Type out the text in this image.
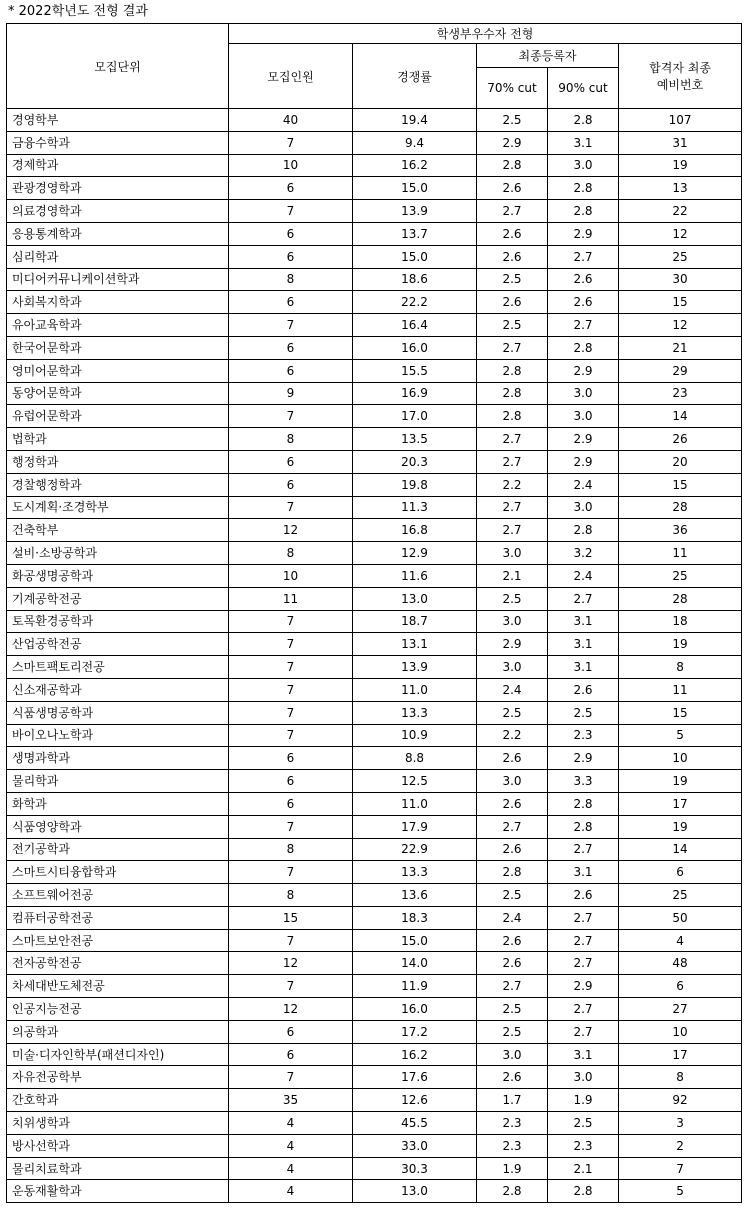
* 2022학년도 전형 결과
모집단위	학생부우수자 전형				
	모집인원	경쟁률	최종등록자		합격자 최종
예비번호

			70% cut	90% cut	
경영학부	40	19.4	2.5	2.8	107
금융수학과	7	9.4	2.9	3.1	31
경제학과	10	16.2	2.8	3.0	19
관광경영학과	6	15.0	2.6	2.8	13
의료경영학과	7	13.9	2.7	2.8	22
응용통계학과	6	13.7	2.6	2.9	12
심리학과	6	15.0	2.6	2.7	25
미디어커뮤니케이션학과	8	18.6	2.5	2.6	30
사회복지학과	6	22.2	2.6	2.6	15
유아교육학과	7	16.4	2.5	2.7	12
한국어문학과	6	16.0	2.7	2.8	21
영미어문학과	6	15.5	2.8	2.9	29
동양어문학과	9	16.9	2.8	3.0	23
유럽어문학과	7	17.0	2.8	3.0	14
법학과	8	13.5	2.7	2.9	26
행정학과	6	20.3	2.7	2.9	20
경찰행정학과	6	19.8	2.2	2.4	15
도시계획·조경학부	7	11.3	2.7	3.0	28
건축학부	12	16.8	2.7	2.8	36
설비·소방공학과	8	12.9	3.0	3.2	11
화공생명공학과	10	11.6	2.1	2.4	25
기계공학전공	11	13.0	2.5	2.7	28
토목환경공학과	7	18.7	3.0	3.1	18
산업공학전공	7	13.1	2.9	3.1	19
스마트팩토리전공	7	13.9	3.0	3.1	8
신소재공학과	7	11.0	2.4	2.6	11
식품생명공학과	7	13.3	2.5	2.5	15
바이오나노학과	7	10.9	2.2	2.3	5
생명과학과	6	8.8	2.6	2.9	10
물리학과	6	12.5	3.0	3.3	19
화학과	6	11.0	2.6	2.8	17
식품영양학과	7	17.9	2.7	2.8	19
전기공학과	8	22.9	2.6	2.7	14
스마트시티융합학과	7	13.3	2.8	3.1	6
소프트웨어전공	8	13.6	2.5	2.6	25
컴퓨터공학전공	15	18.3	2.4	2.7	50
스마트보안전공	7	15.0	2.6	2.7	4
전자공학전공	12	14.0	2.6	2.7	48
차세대반도체전공	7	11.9	2.7	2.9	6
인공지능전공	12	16.0	2.5	2.7	27
의공학과	6	17.2	2.5	2.7	10
미술·디자인학부(패션디자인)	6	16.2	3.0	3.1	17
자유전공학부	7	17.6	2.6	3.0	8
간호학과	35	12.6	1.7	1.9	92
치위생학과	4	45.5	2.3	2.5	3
방사선학과	4	33.0	2.3	2.3	2
물리치료학과	4	30.3	1.9	2.1	7
운동재활학과	4	13.0	2.8	2.8	5
